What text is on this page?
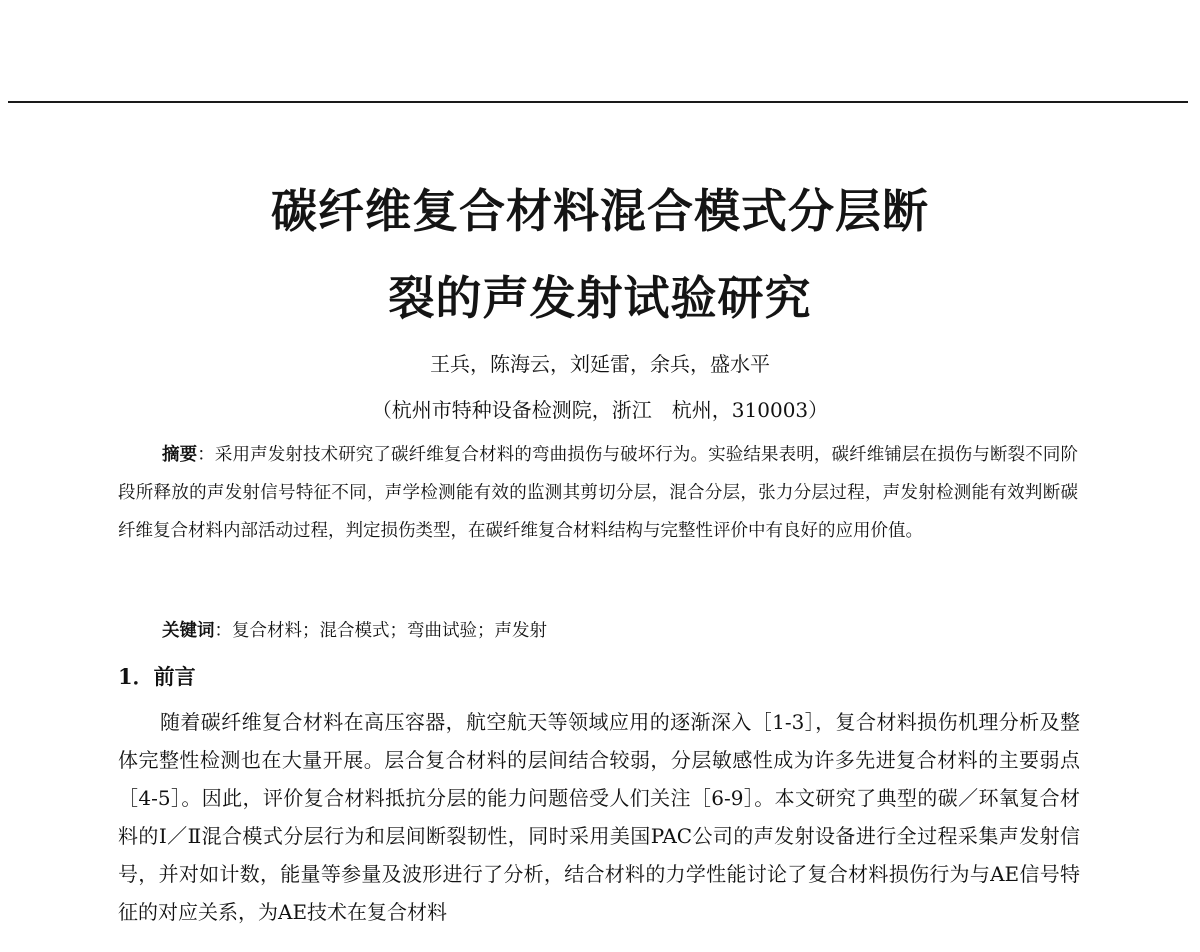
碳纤维复合材料混合模式分层断
裂的声发射试验研究

王兵，陈海云，刘延雷，余兵，盛水平

（杭州市特种设备检测院，浙江　杭州，310003）

摘要：采用声发射技术研究了碳纤维复合材料的弯曲损伤与破坏行为。实验结果表明，碳纤维铺层在损伤与断裂不同阶段所释放的声发射信号特征不同，声学检测能有效的监测其剪切分层，混合分层，张力分层过程，声发射检测能有效判断碳纤维复合材料内部活动过程，判定损伤类型，在碳纤维复合材料结构与完整性评价中有良好的应用价值。

关键词：复合材料；混合模式；弯曲试验；声发射

1．前言

随着碳纤维复合材料在高压容器，航空航天等领域应用的逐渐深入［1-3］，复合材料损伤机理分析及整体完整性检测也在大量开展。层合复合材料的层间结合较弱，分层敏感性成为许多先进复合材料的主要弱点［4-5］。因此，评价复合材料抵抗分层的能力问题倍受人们关注［6-9］。本文研究了典型的碳／环氧复合材料的Ⅰ／Ⅱ混合模式分层行为和层间断裂韧性，同时采用美国PAC公司的声发射设备进行全过程采集声发射信号，并对如计数，能量等参量及波形进行了分析，结合材料的力学性能讨论了复合材料损伤行为与AE信号特征的对应关系，为AE技术在复合材料
